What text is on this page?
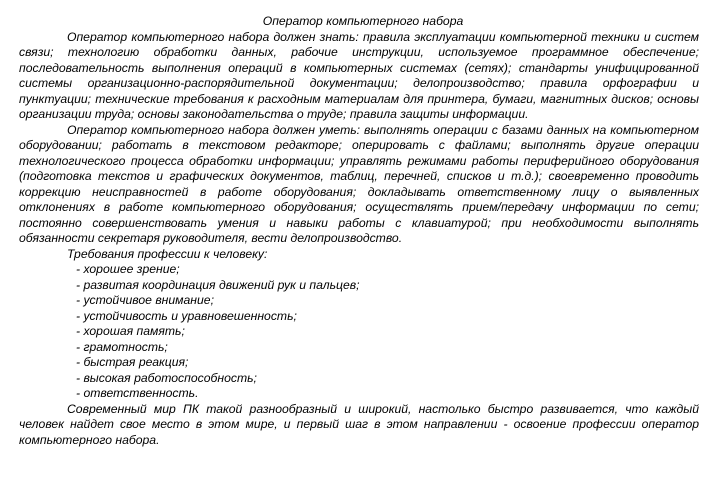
Оператор компьютерного набора

Оператор компьютерного набора должен знать: правила эксплуатации компьютерной техники и систем связи; технологию обработки данных, рабочие инструкции, используемое программное обеспечение; последовательность выполнения операций в компьютерных системах (сетях); стандарты унифицированной системы организационно-распорядительной документации; делопроизводство; правила орфографии и пунктуации; технические требования к расходным материалам для принтера, бумаги, магнитных дисков; основы организации труда; основы законодательства о труде; правила защиты информации.

Оператор компьютерного набора должен уметь: выполнять операции с базами данных на компьютерном оборудовании; работать в текстовом редакторе; оперировать с файлами; выполнять другие операции технологического процесса обработки информации; управлять режимами работы периферийного оборудования (подготовка текстов и графических документов, таблиц, перечней, списков и т.д.); своевременно проводить коррекцию неисправностей в работе оборудования; докладывать ответственному лицу о выявленных отклонениях в работе компьютерного оборудования; осуществлять прием/передачу информации по сети; постоянно совершенствовать умения и навыки работы с клавиатурой; при необходимости выполнять обязанности секретаря руководителя, вести делопроизводство.

Требования профессии к человеку:

- хорошее зрение;
- развитая координация движений рук и пальцев;
- устойчивое внимание;
- устойчивость и уравновешенность;
- хорошая память;
- грамотность;
- быстрая реакция;
- высокая работоспособность;
- ответственность.

Современный мир ПК такой разнообразный и широкий, настолько быстро развивается, что каждый человек найдет свое место в этом мире, и первый шаг в этом направлении - освоение профессии оператор компьютерного набора.
